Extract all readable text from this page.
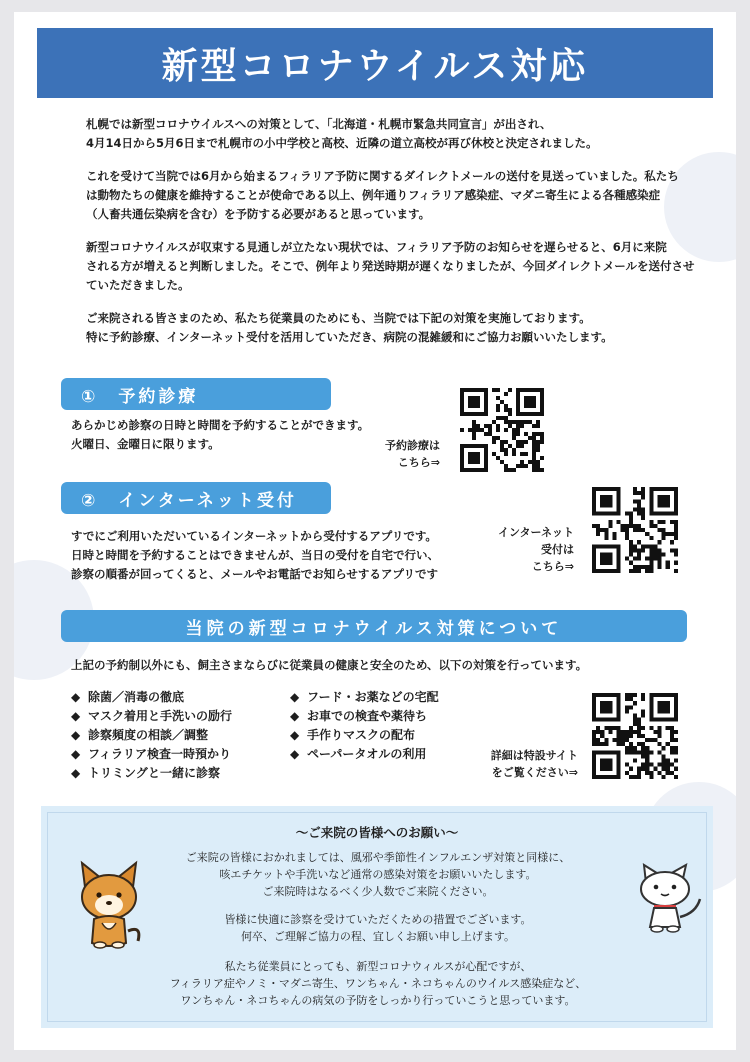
新型コロナウイルス対応

札幌では新型コロナウイルスへの対策として、「北海道・札幌市緊急共同宣言」が出され、
4月14日から5月6日まで札幌市の小中学校と高校、近隣の道立高校が再び休校と決定されました。

これを受けて当院では6月から始まるフィラリア予防に関するダイレクトメールの送付を見送っていました。私たち
は動物たちの健康を維持することが使命である以上、例年通りフィラリア感染症、マダニ寄生による各種感染症
（人畜共通伝染病を含む）を予防する必要があると思っています。

新型コロナウイルスが収束する見通しが立たない現状では、フィラリア予防のお知らせを遅らせると、6月に来院
される方が増えると判断しました。そこで、例年より発送時期が遅くなりましたが、今回ダイレクトメールを送付させ
ていただきました。

ご来院される皆さまのため、私たち従業員のためにも、当院では下記の対策を実施しております。
特に予約診療、インターネット受付を活用していただき、病院の混雑緩和にご協力お願いいたします。

①　予約診療
あらかじめ診察の日時と時間を予約することができます。
火曜日、金曜日に限ります。	予約診療は
こちら⇒
②　インターネット受付
すでにご利用いただいているインターネットから受付するアプリです。
日時と時間を予約することはできませんが、当日の受付を自宅で行い、
診察の順番が回ってくると、メールやお電話でお知らせするアプリです
インターネット
受付は
こちら⇒
当院の新型コロナウイルス対策について
上記の予約制以外にも、飼主さまならびに従業員の健康と安全のため、以下の対策を行っています。
◆ 除菌／消毒の徹底
◆ マスク着用と手洗いの励行
◆ 診察頻度の相談／調整
◆ フィラリア検査一時預かり
◆ トリミングと一緒に診察
◆ フード・お薬などの宅配
◆ お車での検査や薬待ち
◆ 手作りマスクの配布
◆ ペーパータオルの利用	詳細は特設サイト
をご覧ください⇒
～ご来院の皆様へのお願い～
ご来院の皆様におかれましては、風邪や季節性インフルエンザ対策と同様に、
咳エチケットや手洗いなど通常の感染対策をお願いいたします。
ご来院時はなるべく少人数でご来院ください。
皆様に快適に診察を受けていただくための措置でございます。
何卒、ご理解ご協力の程、宜しくお願い申し上げます。
私たち従業員にとっても、新型コロナウィルスが心配ですが、
フィラリア症やノミ・マダニ寄生、ワンちゃん・ネコちゃんのウイルス感染症など、
ワンちゃん・ネコちゃんの病気の予防をしっかり行っていこうと思っています。
